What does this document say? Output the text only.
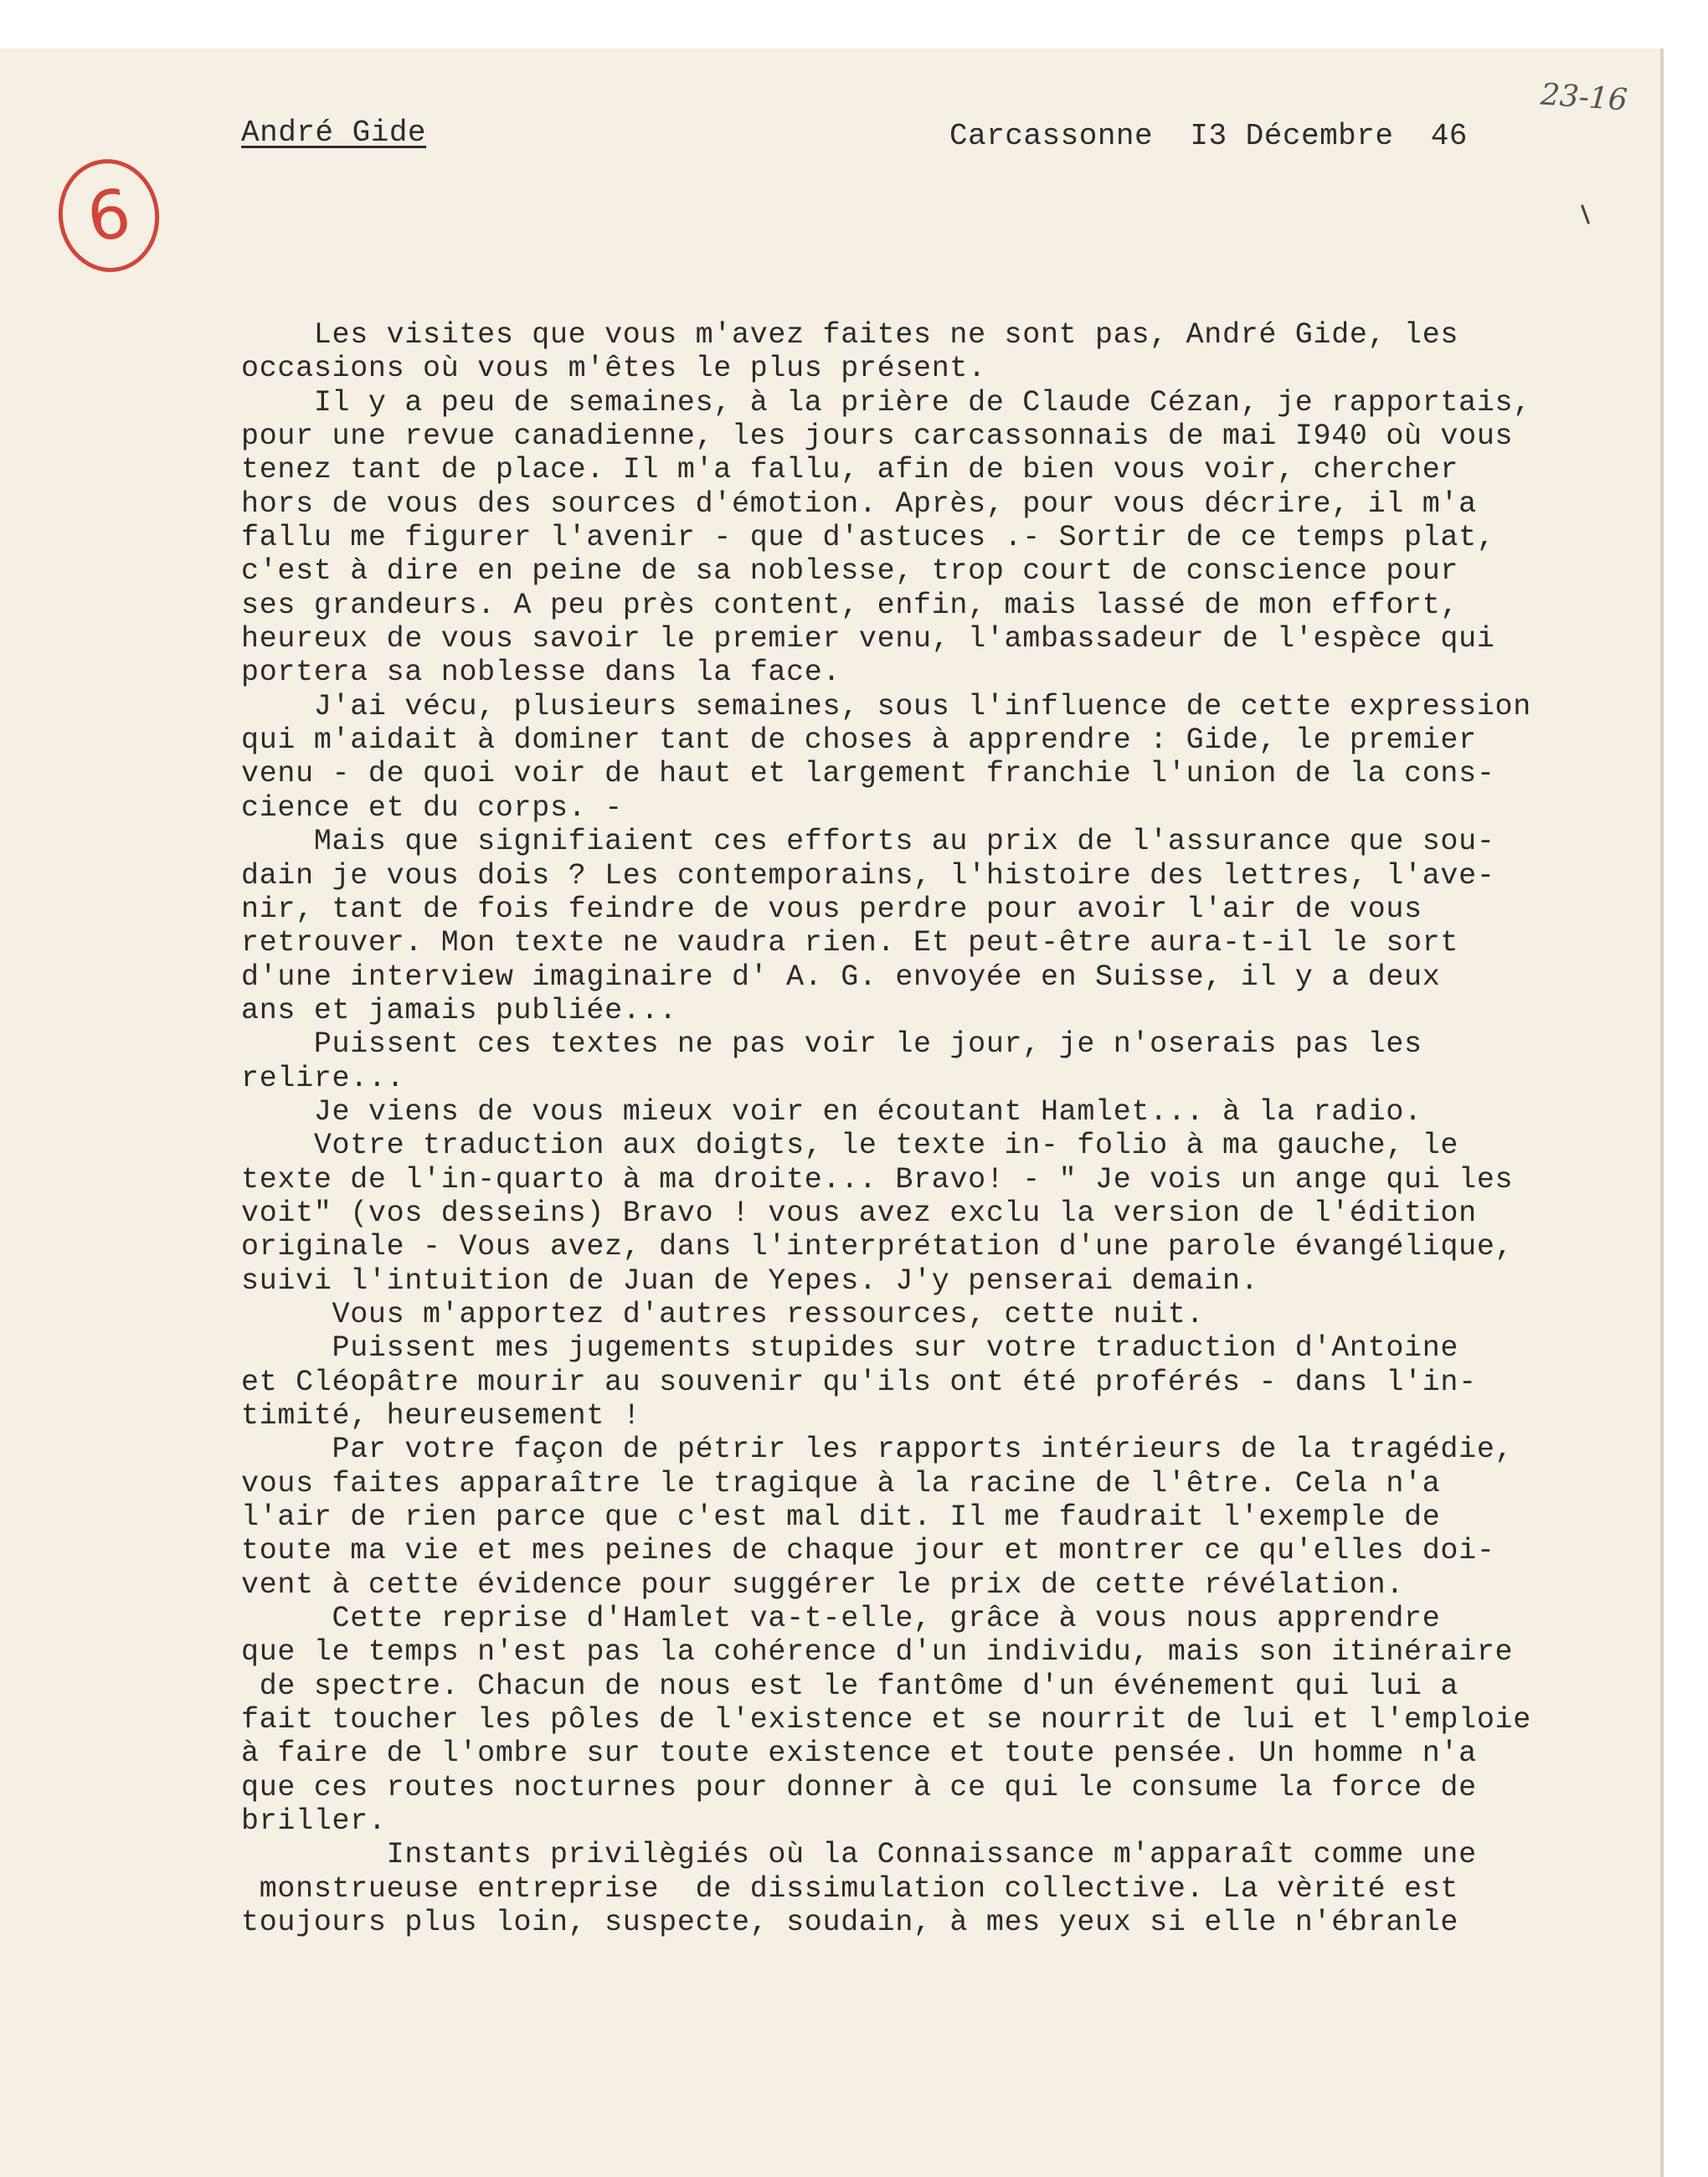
6
André Gide	Carcassonne  I3 Décembre  46
23-16
Les visites que vous m'avez faites ne sont pas, André Gide, les
occasions où vous m'êtes le plus présent.
Il y a peu de semaines, à la prière de Claude Cézan, je rapportais,
pour une revue canadienne, les jours carcassonnais de mai I940 où vous
tenez tant de place. Il m'a fallu, afin de bien vous voir, chercher
hors de vous des sources d'émotion. Après, pour vous décrire, il m'a
fallu me figurer l'avenir - que d'astuces .- Sortir de ce temps plat,
c'est à dire en peine de sa noblesse, trop court de conscience pour
ses grandeurs. A peu près content, enfin, mais lassé de mon effort,
heureux de vous savoir le premier venu, l'ambassadeur de l'espèce qui
portera sa noblesse dans la face.
J'ai vécu, plusieurs semaines, sous l'influence de cette expression
qui m'aidait à dominer tant de choses à apprendre : Gide, le premier
venu - de quoi voir de haut et largement franchie l'union de la cons-
cience et du corps. -
Mais que signifiaient ces efforts au prix de l'assurance que sou-
dain je vous dois ? Les contemporains, l'histoire des lettres, l'ave-
nir, tant de fois feindre de vous perdre pour avoir l'air de vous
retrouver. Mon texte ne vaudra rien. Et peut-être aura-t-il le sort
d'une interview imaginaire d' A. G. envoyée en Suisse, il y a deux
ans et jamais publiée...
Puissent ces textes ne pas voir le jour, je n'oserais pas les
relire...
Je viens de vous mieux voir en écoutant Hamlet... à la radio.
Votre traduction aux doigts, le texte in- folio à ma gauche, le
texte de l'in-quarto à ma droite... Bravo! - " Je vois un ange qui les
voit" (vos desseins) Bravo ! vous avez exclu la version de l'édition
originale - Vous avez, dans l'interprétation d'une parole évangélique,
suivi l'intuition de Juan de Yepes. J'y penserai demain.
Vous m'apportez d'autres ressources, cette nuit.
Puissent mes jugements stupides sur votre traduction d'Antoine
et Cléopâtre mourir au souvenir qu'ils ont été proférés - dans l'in-
timité, heureusement !
Par votre façon de pétrir les rapports intérieurs de la tragédie,
vous faites apparaître le tragique à la racine de l'être. Cela n'a
l'air de rien parce que c'est mal dit. Il me faudrait l'exemple de
toute ma vie et mes peines de chaque jour et montrer ce qu'elles doi-
vent à cette évidence pour suggérer le prix de cette révélation.
Cette reprise d'Hamlet va-t-elle, grâce à vous nous apprendre
que le temps n'est pas la cohérence d'un individu, mais son itinéraire
de spectre. Chacun de nous est le fantôme d'un événement qui lui a
fait toucher les pôles de l'existence et se nourrit de lui et l'emploie
à faire de l'ombre sur toute existence et toute pensée. Un homme n'a
que ces routes nocturnes pour donner à ce qui le consume la force de
briller.
Instants privilègiés où la Connaissance m'apparaît comme une
monstrueuse entreprise  de dissimulation collective. La vèrité est
toujours plus loin, suspecte, soudain, à mes yeux si elle n'ébranle
